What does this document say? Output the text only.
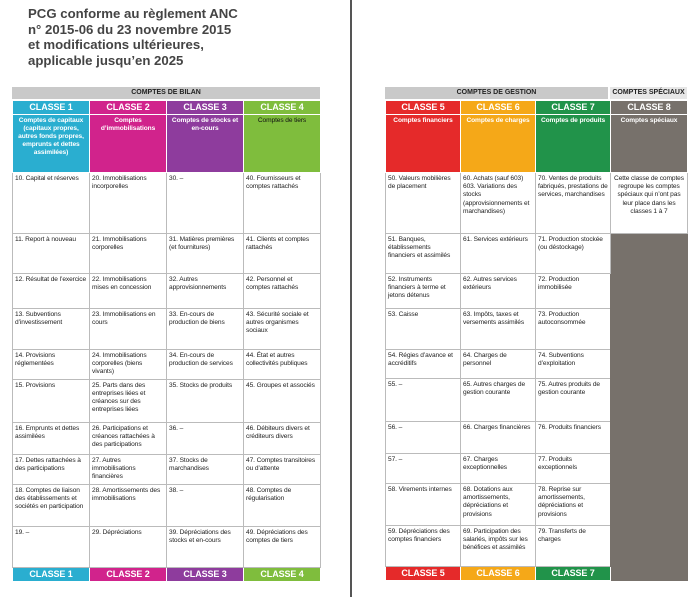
PCG conforme au règlement ANC
n° 2015-06 du 23 novembre 2015
et modifications ultérieures,
applicable jusqu’en 2025
COMPTES DE BILAN	COMPTES DE GESTION	COMPTES SPÉCIAUX
CLASSE 1	CLASSE 2	CLASSE 3	CLASSE 4
Comptes de capitaux (capitaux propres, autres fonds propres, emprunts et dettes assimilées)	Comptes d’immobilisations	Comptes de stocks et en-cours	Comptes de tiers
10. Capital et réserves	20. Immobilisations incorporelles	30. –	40. Fournisseurs et comptes rattachés
11. Report à nouveau	21. Immobilisations corporelles	31. Matières premières (et fournitures)	41. Clients et comptes rattachés
12. Résultat de l’exercice	22. Immobilisations mises en concession	32. Autres approvisionnements	42. Personnel et comptes rattachés
13. Subventions d’investissement	23. Immobilisations en cours	33. En-cours de production de biens	43. Sécurité sociale et autres organismes sociaux
14. Provisions réglementées	24. Immobilisations corporelles (biens vivants)	34. En-cours de production de services	44. État et autres collectivités publiques
15. Provisions	25. Parts dans des entreprises liées et créances sur des entreprises liées	35. Stocks de produits	45. Groupes et associés
16. Emprunts et dettes assimilées	26. Participations et créances rattachées à des participations	36. –	46. Débiteurs divers et créditeurs divers
17. Dettes rattachées à des participations	27. Autres immobilisations financières	37. Stocks de marchandises	47. Comptes transitoires ou d’attente
18. Comptes de liaison des établissements et sociétés en participation	28. Amortissements des immobilisations	38. –	48. Comptes de régularisation
19. –	29. Dépréciations	39. Dépréciations des stocks et en-cours	49. Dépréciations des comptes de tiers
CLASSE 1	CLASSE 2	CLASSE 3	CLASSE 4
CLASSE 5	CLASSE 6	CLASSE 7	CLASSE 8
Comptes financiers	Comptes de charges	Comptes de produits	Comptes spéciaux
50. Valeurs mobilières de placement	60. Achats (sauf 603) 603. Variations des stocks (approvisionnements et marchandises)	70. Ventes de produits fabriqués, prestations de services, marchandises	Cette classe de comptes regroupe les comptes spéciaux qui n’ont pas leur place dans les classes 1 à 7
51. Banques, établissements financiers et assimilés	61. Services extérieurs	71. Production stockée (ou déstockage)	
52. Instruments financiers à terme et jetons détenus	62. Autres services extérieurs	72. Production immobilisée	
53. Caisse	63. Impôts, taxes et versements assimilés	73. Production autoconsommée	
54. Régies d’avance et accréditifs	64. Charges de personnel	74. Subventions d’exploitation	
55. –	65. Autres charges de gestion courante	75. Autres produits de gestion courante	
56. –	66. Charges financières	76. Produits financiers	
57. –	67. Charges exceptionnelles	77. Produits exceptionnels	
58. Virements internes	68. Dotations aux amortissements, dépréciations et provisions	78. Reprise sur amortissements, dépréciations et provisions	
59. Dépréciations des comptes financiers	69. Participation des salariés, impôts sur les bénéfices et assimilés	79. Transferts de charges	
CLASSE 5	CLASSE 6	CLASSE 7	
